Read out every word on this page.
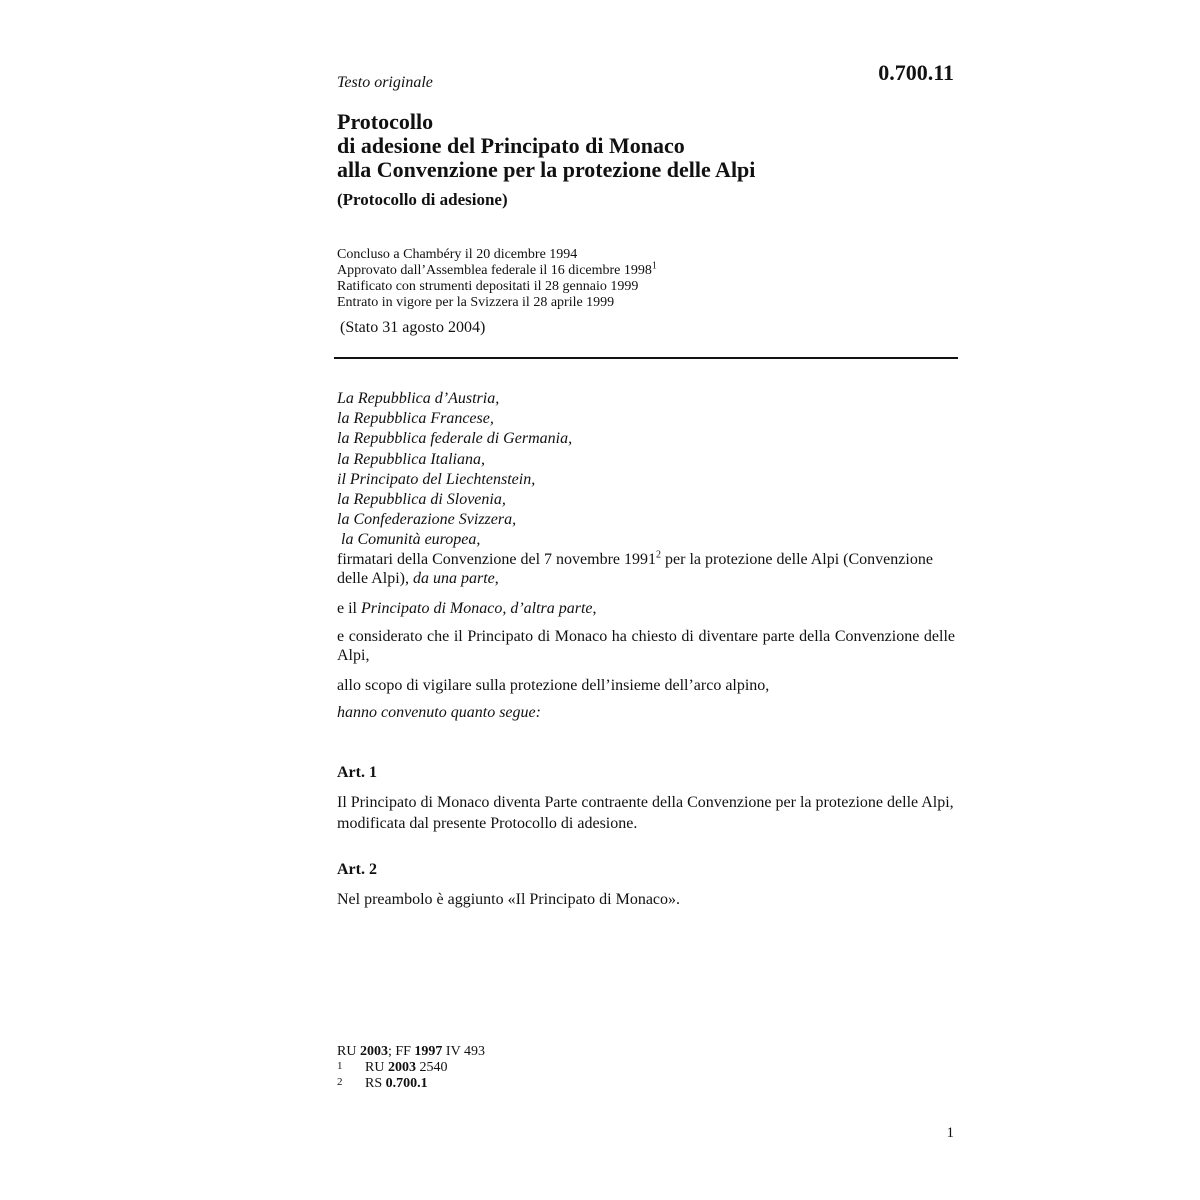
0.700.11
Testo originale
Protocollo
di adesione del Principato di Monaco
alla Convenzione per la protezione delle Alpi
(Protocollo di adesione)
Concluso a Chambéry il 20 dicembre 1994
Approvato dall’Assemblea federale il 16 dicembre 1998$^1$
Ratificato con strumenti depositati il 28 gennaio 1999
Entrato in vigore per la Svizzera il 28 aprile 1999
(Stato 31 agosto 2004)
La Repubblica d’Austria,
la Repubblica Francese,
la Repubblica federale di Germania,
la Repubblica Italiana,
il Principato del Liechtenstein,
la Repubblica di Slovenia,
la Confederazione Svizzera,
la Comunità europea,
firmatari della Convenzione del 7 novembre 1991$^2$ per la protezione delle Alpi (Convenzione delle Alpi), da una parte,
e il Principato di Monaco, d’altra parte,
e considerato che il Principato di Monaco ha chiesto di diventare parte della Convenzione delle Alpi,
allo scopo di vigilare sulla protezione dell’insieme dell’arco alpino,
hanno convenuto quanto segue:
Art. 1
Il Principato di Monaco diventa Parte contraente della Convenzione per la protezione delle Alpi, modificata dal presente Protocollo di adesione.
Art. 2
Nel preambolo è aggiunto «Il Principato di Monaco».
RU 2003 ; FF 1997 IV 493
1	RU 2003 2540
2	RS 0.700.1
1
